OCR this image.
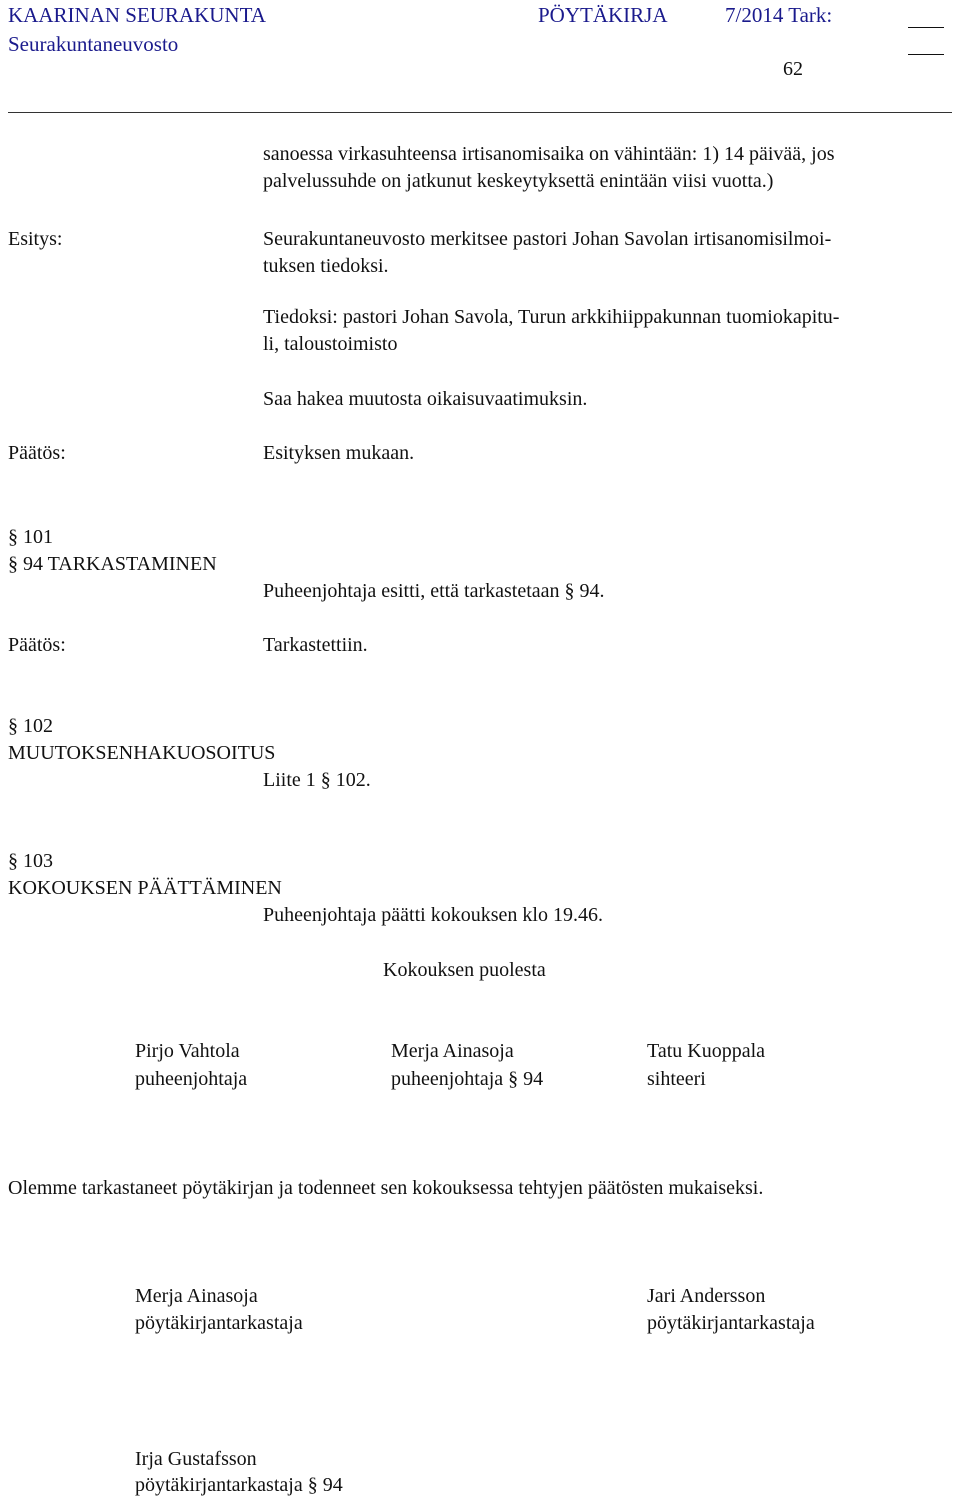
KAARINAN SEURAKUNTA	PÖYTÄKIRJA	7/2014 Tark:
Seurakuntaneuvosto
62
sanoessa virkasuhteensa irtisanomisaika on vähintään: 1) 14 päivää, jos
palvelussuhde on jatkunut keskeytyksettä enintään viisi vuotta.)
Esitys:	Seurakuntaneuvosto merkitsee pastori Johan Savolan irtisanomisilmoi-
tuksen tiedoksi.
Tiedoksi: pastori Johan Savola, Turun arkkihiippakunnan tuomiokapitu-
li, taloustoimisto
Saa hakea muutosta oikaisuvaatimuksin.
Päätös:	Esityksen mukaan.
§ 101
§ 94 TARKASTAMINEN
Puheenjohtaja esitti, että tarkastetaan § 94.
Päätös:	Tarkastettiin.
§ 102
MUUTOKSENHAKUOSOITUS
Liite 1 § 102.
§ 103
KOKOUKSEN PÄÄTTÄMINEN
Puheenjohtaja päätti kokouksen klo 19.46.
Kokouksen puolesta
Pirjo Vahtola
puheenjohtaja
Merja Ainasoja
puheenjohtaja § 94
Tatu Kuoppala
sihteeri
Olemme tarkastaneet pöytäkirjan ja todenneet sen kokouksessa tehtyjen päätösten mukaiseksi.
Merja Ainasoja
pöytäkirjantarkastaja
Jari Andersson
pöytäkirjantarkastaja
Irja Gustafsson
pöytäkirjantarkastaja § 94
